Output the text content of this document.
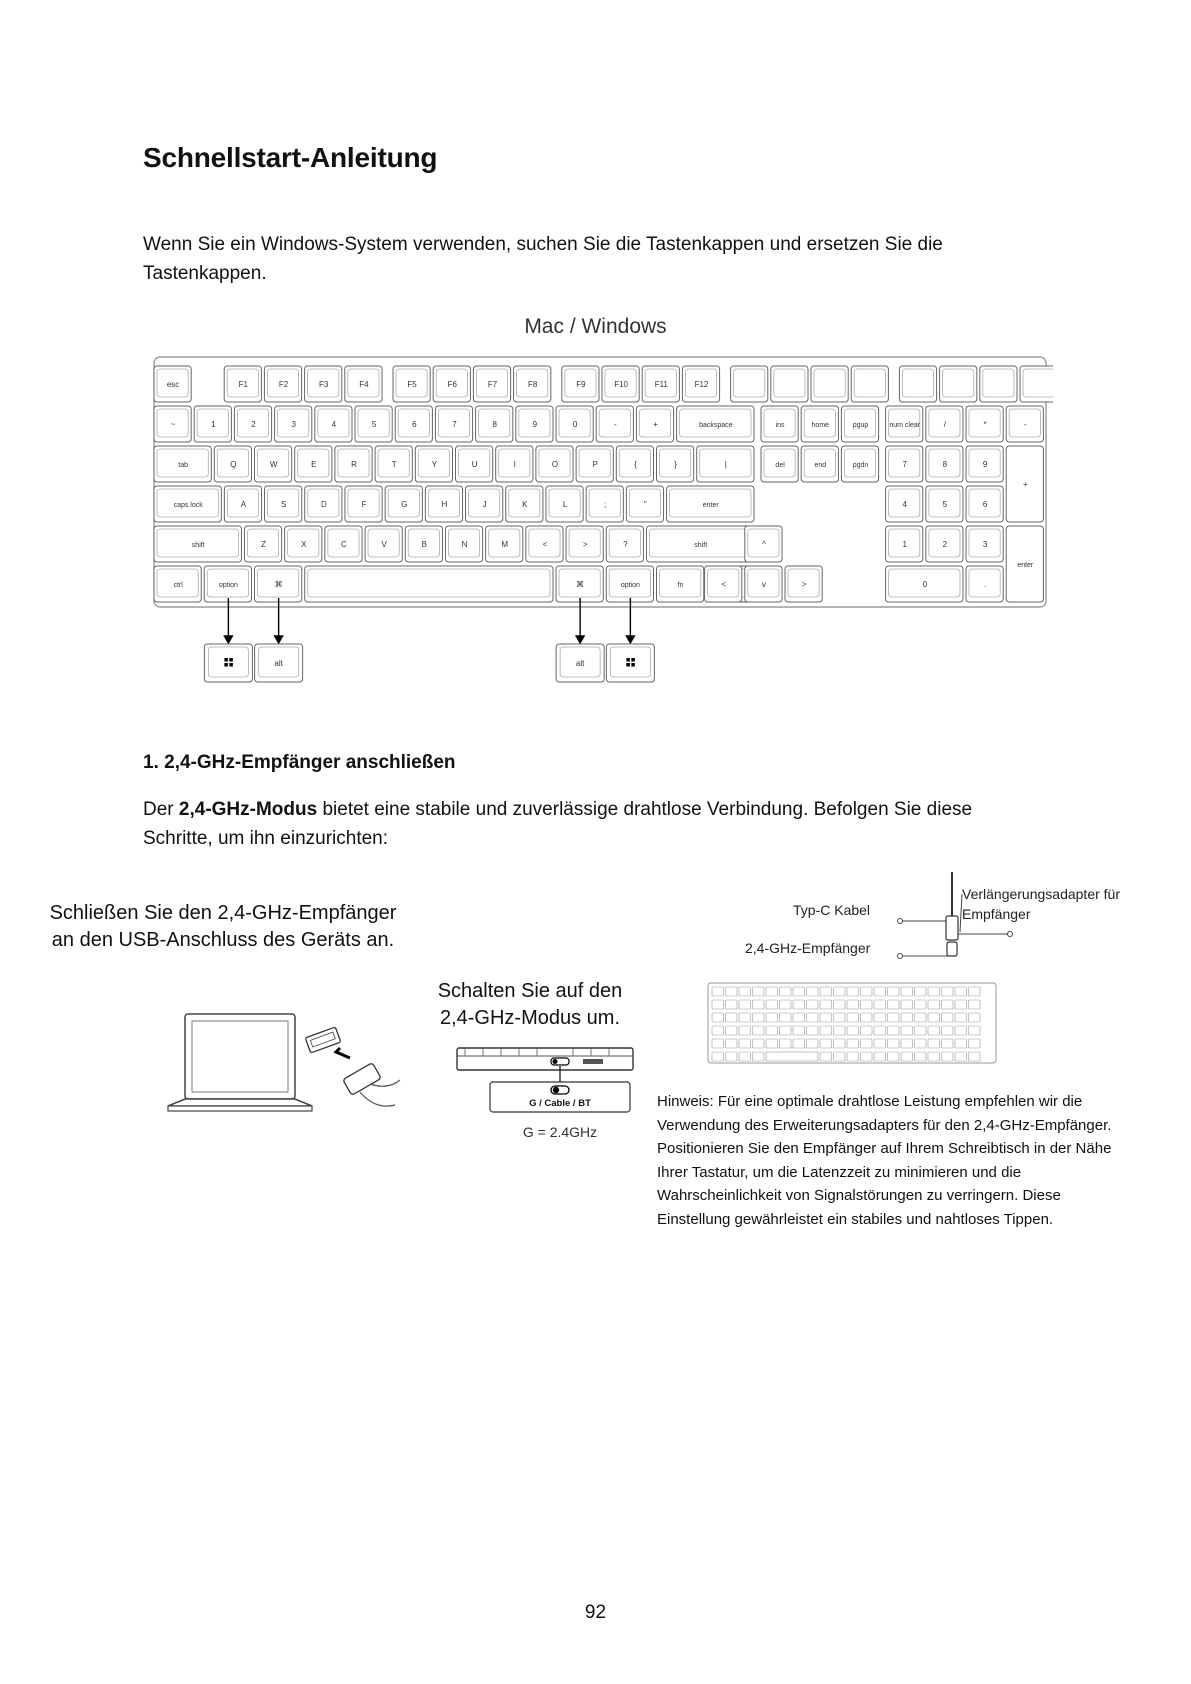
Schnellstart-Anleitung
Wenn Sie ein Windows-System verwenden, suchen Sie die Tastenkappen und ersetzen Sie die Tastenkappen.
Mac / Windows
esc	F1	F2	F3	F4	F5	F6	F7	F8	F9	F10	F11	F12
~	1	2	3	4	5	6	7	8	9	0	-	+	backspace	ins	home	pgup	num clear	/	*	-
tab	Q	W	E	R	T	Y	U	I	O	P	{	}	|	del	end	pgdn	7	8	9
+
caps lock	A	S	D	F	G	H	J	K	L	;	"	enter	4	5	6
shift	Z	X	C	V	B	N	M	<	>	?	shift	^	1	2	3
enter
ctrl	option	⌘	⌘	option	fn	<	v	>	0	.
alt	alt
1. 2,4-GHz-Empfänger anschließen
Der 2,4-GHz-Modus bietet eine stabile und zuverlässige drahtlose Verbindung. Befolgen Sie diese Schritte, um ihn einzurichten:
Schließen Sie den 2,4-GHz-Empfänger an den USB-Anschluss des Geräts an.
Schalten Sie auf den 2,4-GHz-Modus um.
G / Cable / BT
G = 2.4GHz
Typ-C Kabel
2,4-GHz-Empfänger
Verlängerungsadapter für Empfänger
Hinweis: Für eine optimale drahtlose Leistung empfehlen wir die Verwendung des Erweiterungsadapters für den 2,4-GHz-Empfänger. Positionieren Sie den Empfänger auf Ihrem Schreibtisch in der Nähe Ihrer Tastatur, um die Latenzzeit zu minimieren und die Wahrscheinlichkeit von Signalstörungen zu verringern. Diese Einstellung gewährleistet ein stabiles und nahtloses Tippen.
92
